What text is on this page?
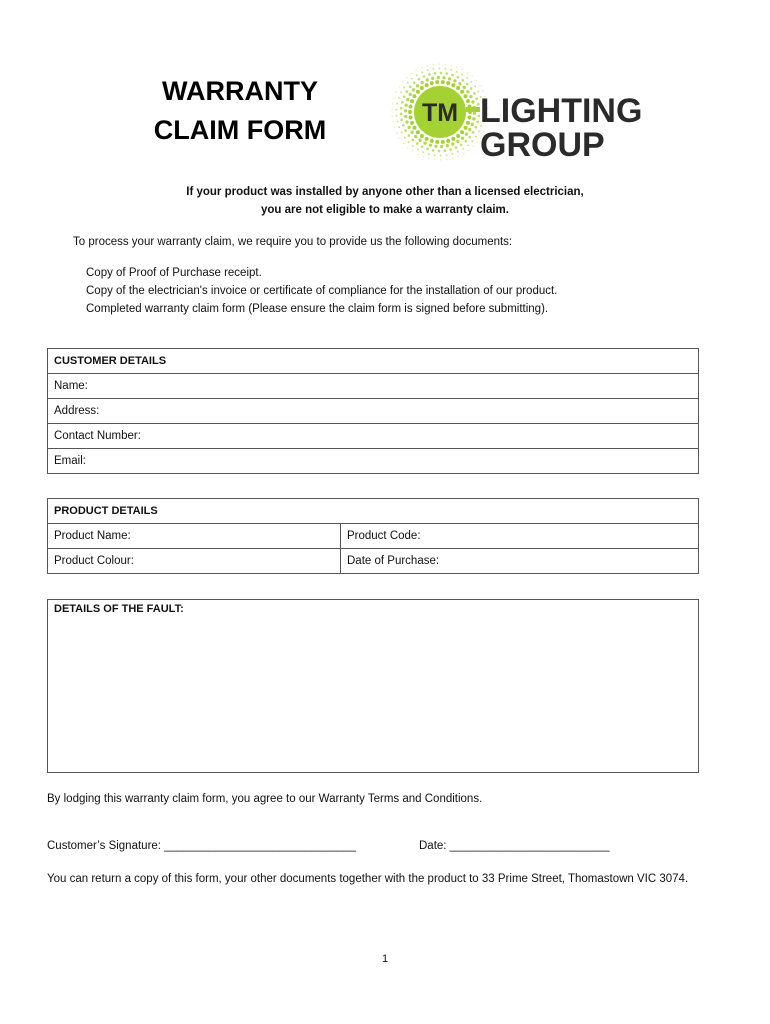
WARRANTY
CLAIM FORM
TM LIGHTING
GROUP
If your product was installed by anyone other than a licensed electrician,
you are not eligible to make a warranty claim.
To process your warranty claim, we require you to provide us the following documents:
Copy of Proof of Purchase receipt.
Copy of the electrician's invoice or certificate of compliance for the installation of our product.
Completed warranty claim form (Please ensure the claim form is signed before submitting).
CUSTOMER DETAILS
Name:
Address:
Contact Number:
Email:
PRODUCT DETAILS	
Product Name:	Product Code:
Product Colour:	Date of Purchase:
DETAILS OF THE FAULT:
By lodging this warranty claim form, you agree to our Warranty Terms and Conditions.
Customer’s Signature: ______________________________	Date: _________________________
You can return a copy of this form, your other documents together with the product to 33 Prime Street, Thomastown VIC 3074.
1
